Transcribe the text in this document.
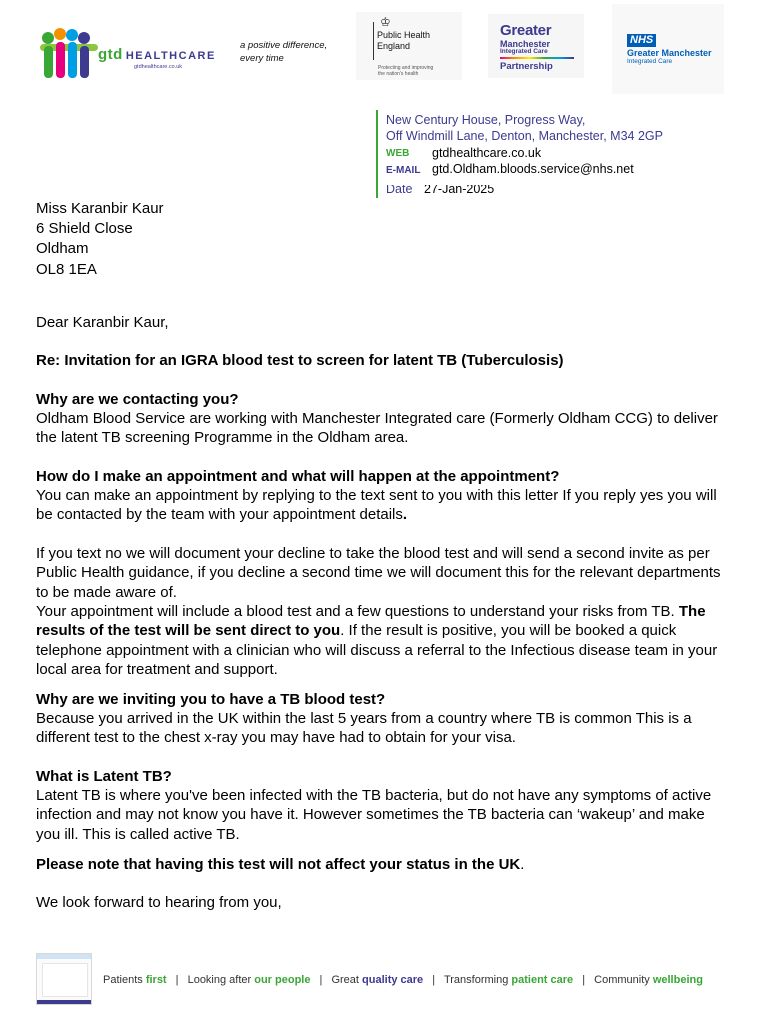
gtd HEALTHCARE
gtdhealthcare.co.uk
a positive difference,
every time
♔
Public Health
England
Protecting and improving
the nation's health
Greater
Manchester
Integrated Care
Partnership
NHS
Greater Manchester
Integrated Care
New Century House, Progress Way,
Off Windmill Lane, Denton, Manchester, M34 2GP
WEB gtdhealthcare.co.uk
E-MAIL gtd.Oldham.bloods.service@nhs.net
Date 27-Jan-2025
Miss Karanbir Kaur
6 Shield Close
Oldham
OL8 1EA
Dear Karanbir Kaur,
Re: Invitation for an IGRA blood test to screen for latent TB (Tuberculosis)
Why are we contacting you?
Oldham Blood Service are working with Manchester Integrated care (Formerly Oldham CCG) to deliver the latent TB screening Programme in the Oldham area.
How do I make an appointment and what will happen at the appointment?
You can make an appointment by replying to the text sent to you with this letter If you reply yes you will be contacted by the team with your appointment details.
If you text no we will document your decline to take the blood test and will send a second invite as per Public Health guidance, if you decline a second time we will document this for the relevant departments to be made aware of.
Your appointment will include a blood test and a few questions to understand your risks from TB. The results of the test will be sent direct to you. If the result is positive, you will be booked a quick telephone appointment with a clinician who will discuss a referral to the Infectious disease team in your local area for treatment and support.
Why are we inviting you to have a TB blood test?
Because you arrived in the UK within the last 5 years from a country where TB is common This is a different test to the chest x-ray you may have had to obtain for your visa.
What is Latent TB?
Latent TB is where you've been infected with the TB bacteria, but do not have any symptoms of active infection and may not know you have it. However sometimes the TB bacteria can ‘wakeup’ and make you ill. This is called active TB.
Please note that having this test will not affect your status in the UK.
We look forward to hearing from you,
Patients first | Looking after our people | Great quality care | Transforming patient care | Community wellbeing
